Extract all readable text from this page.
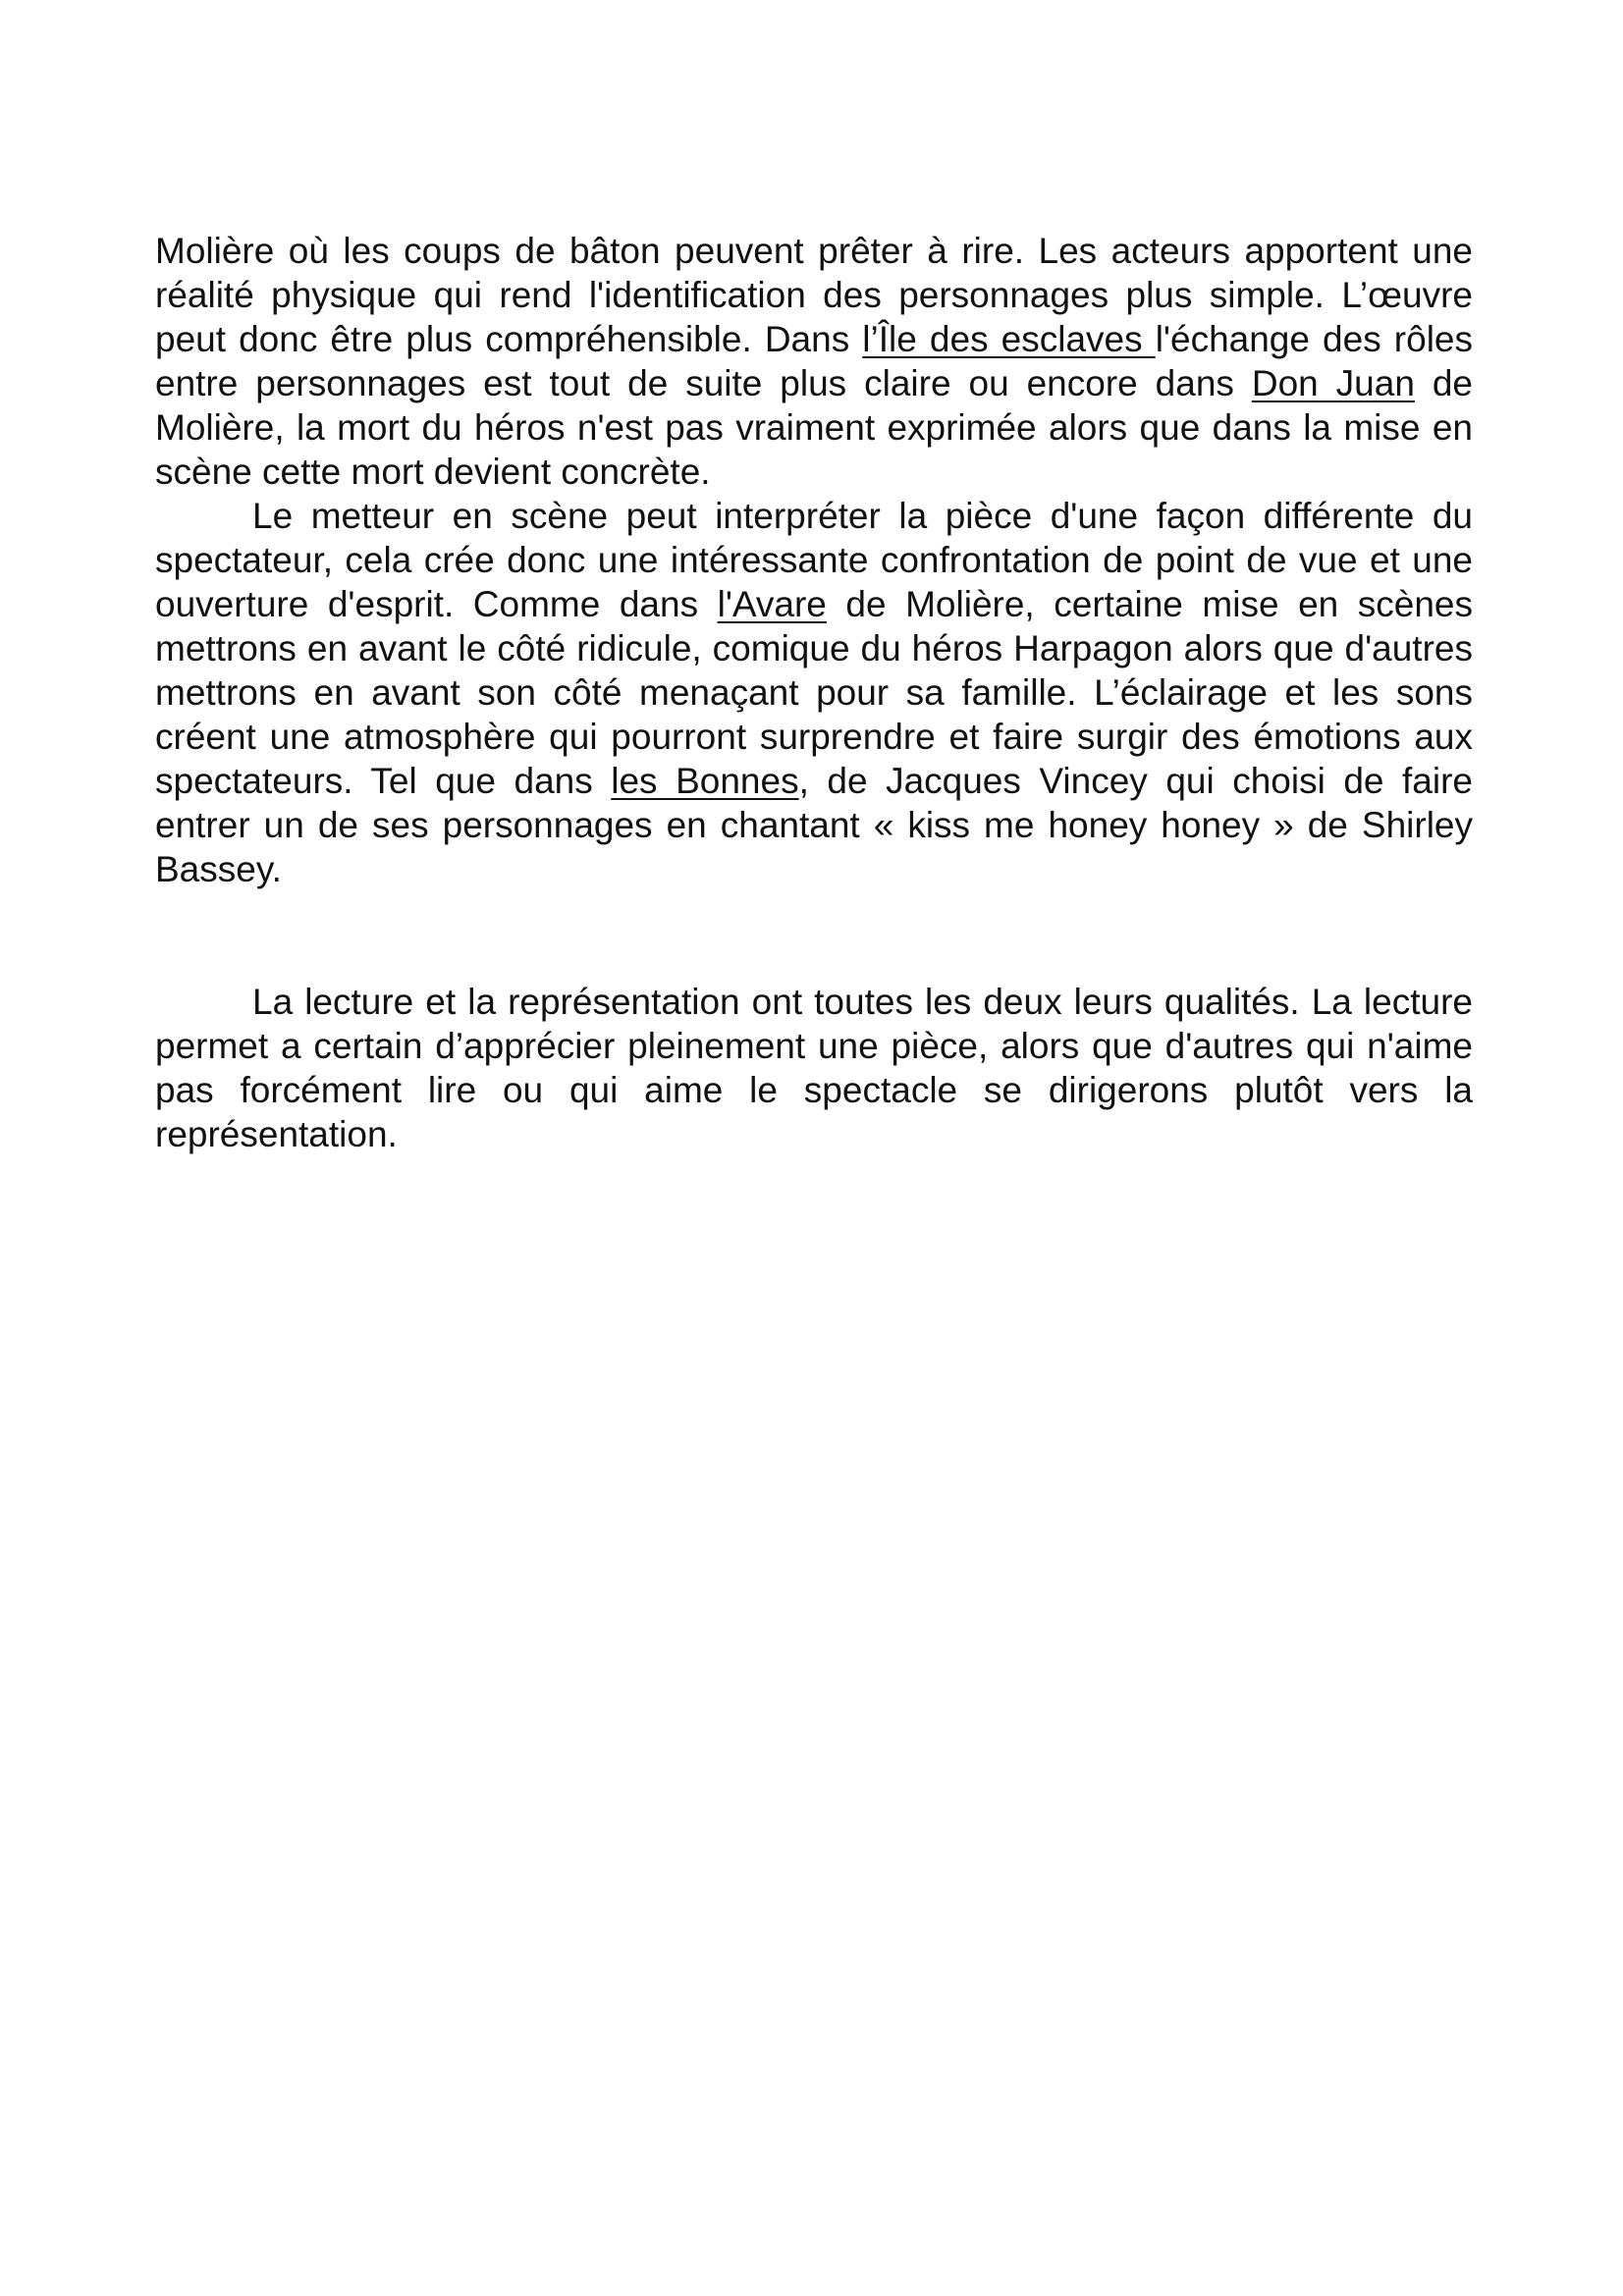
Molière où les coups de bâton peuvent prêter à rire. Les acteurs apportent une réalité physique qui rend l'identification des personnages plus simple. L’œuvre peut donc être plus compréhensible. Dans l’Île des esclaves l'échange des rôles entre personnages est tout de suite plus claire ou encore dans Don Juan de Molière, la mort du héros n'est pas vraiment exprimée alors que dans la mise en scène cette mort devient concrète.

Le metteur en scène peut interpréter la pièce d'une façon différente du spectateur, cela crée donc une intéressante confrontation de point de vue et une ouverture d'esprit. Comme dans l'Avare de Molière, certaine mise en scènes mettrons en avant le côté ridicule, comique du héros Harpagon alors que d'autres mettrons en avant son côté menaçant pour sa famille. L’éclairage et les sons créent une atmosphère qui pourront surprendre et faire surgir des émotions aux spectateurs. Tel que dans les Bonnes, de Jacques Vincey qui choisi de faire entrer un de ses personnages en chantant « kiss me honey honey » de Shirley Bassey.

La lecture et la représentation ont toutes les deux leurs qualités. La lecture permet a certain d’apprécier pleinement une pièce, alors que d'autres qui n'aime pas forcément lire ou qui aime le spectacle se dirigerons plutôt vers la représentation.
